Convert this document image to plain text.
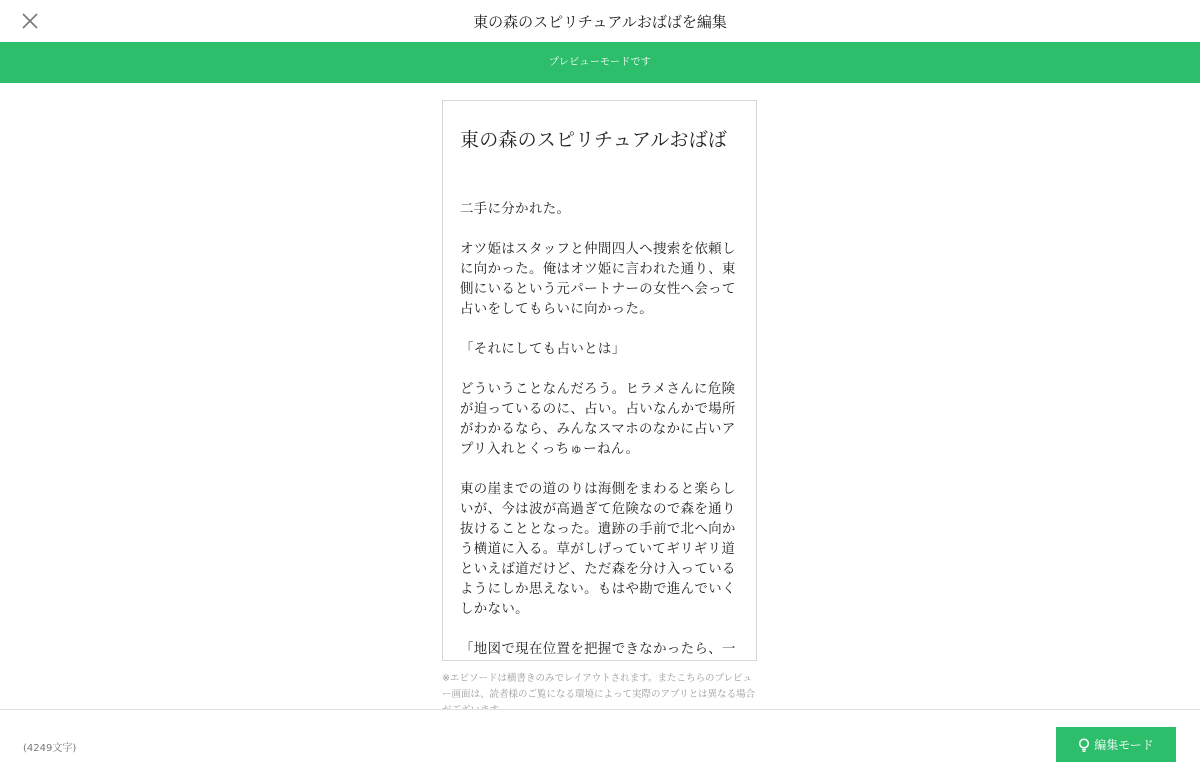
東の森のスピリチュアルおばばを編集
プレビューモードです
東の森のスピリチュアルおばば

二手に分かれた。

オツ姫はスタッフと仲間四人へ捜索を依頼しに向かった。俺はオツ姫に言われた通り、東側にいるという元パートナーの女性へ会って占いをしてもらいに向かった。

「それにしても占いとは」

どういうことなんだろう。ヒラメさんに危険が迫っているのに、占い。占いなんかで場所がわかるなら、みんなスマホのなかに占いアプリ入れとくっちゅーねん。

東の崖までの道のりは海側をまわると楽らしいが、今は波が高過ぎて危険なので森を通り抜けることとなった。遺跡の手前で北へ向かう横道に入る。草がしげっていてギリギリ道といえば道だけど、ただ森を分け入っているようにしか思えない。もはや勘で進んでいくしかない。

「地図で現在位置を把握できなかったら、一

※エピソードは横書きのみでレイアウトされます。またこちらのプレビュー画面は、読者様のご覧になる環境によって実際のアプリとは異なる場合
(4249文字)	編集モード
